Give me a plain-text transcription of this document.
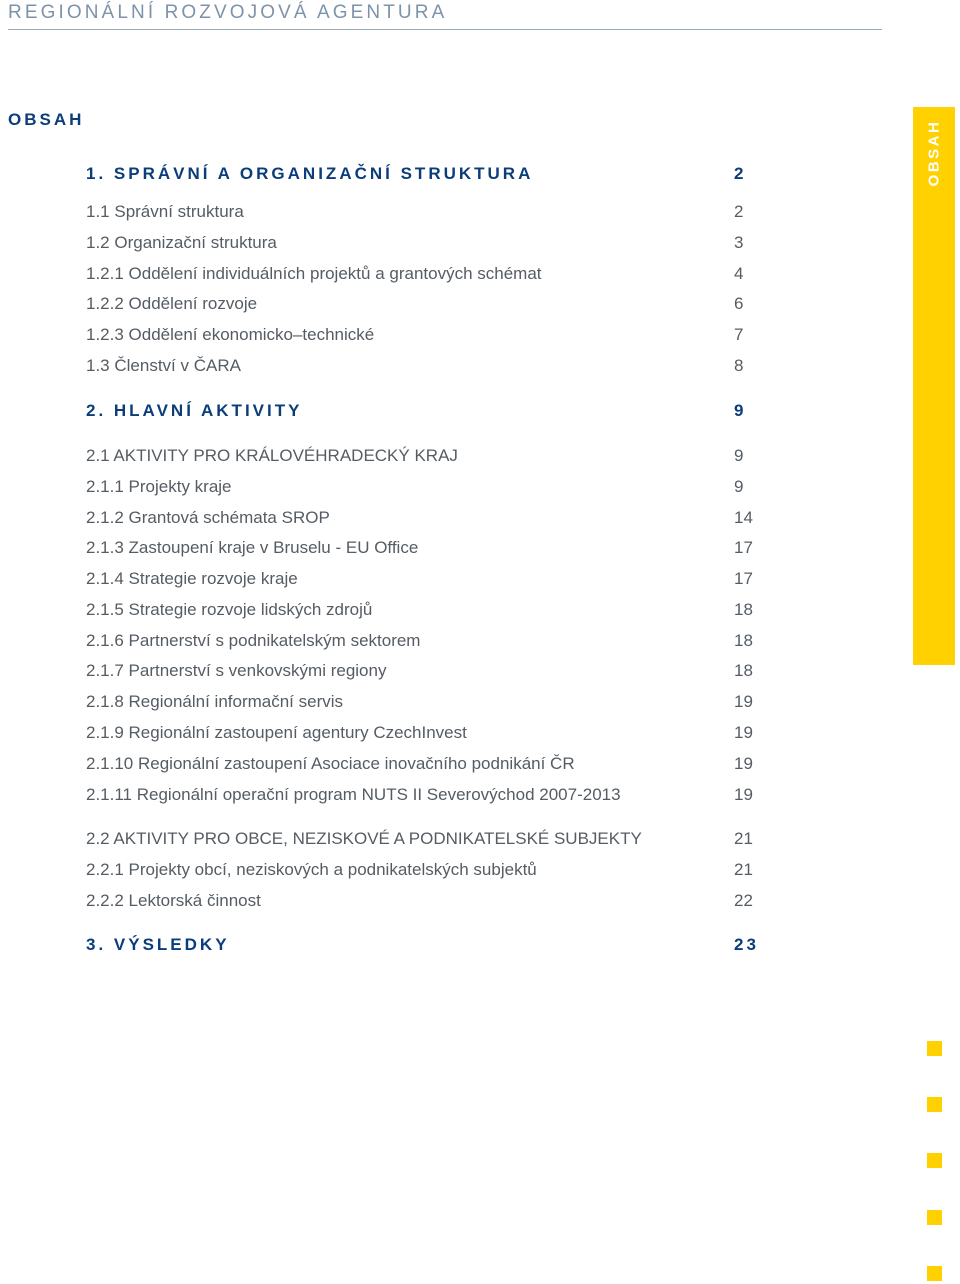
REGIONÁLNÍ ROZVOJOVÁ AGENTURA
OBSAH
OBSAH
1. SPRÁVNÍ A ORGANIZAČNÍ STRUKTURA	2
1.1 Správní struktura	2
1.2 Organizační struktura	3
1.2.1 Oddělení individuálních projektů a grantových schémat	4
1.2.2 Oddělení rozvoje	6
1.2.3 Oddělení ekonomicko–technické	7
1.3 Členství v ČARA	8
2. HLAVNÍ AKTIVITY	9
2.1 AKTIVITY PRO KRÁLOVÉHRADECKÝ KRAJ	9
2.1.1 Projekty kraje	9
2.1.2 Grantová schémata SROP	14
2.1.3 Zastoupení kraje v Bruselu - EU Office	17
2.1.4 Strategie rozvoje kraje	17
2.1.5 Strategie rozvoje lidských zdrojů	18
2.1.6 Partnerství s podnikatelským sektorem	18
2.1.7 Partnerství s venkovskými regiony	18
2.1.8 Regionální informační servis	19
2.1.9 Regionální zastoupení agentury CzechInvest	19
2.1.10 Regionální zastoupení Asociace inovačního podnikání ČR	19
2.1.11 Regionální operační program NUTS II Severovýchod 2007-2013	19
2.2 AKTIVITY PRO OBCE, NEZISKOVÉ A PODNIKATELSKÉ SUBJEKTY	21
2.2.1 Projekty obcí, neziskových a podnikatelských subjektů	21
2.2.2 Lektorská činnost	22
3. VÝSLEDKY	23
